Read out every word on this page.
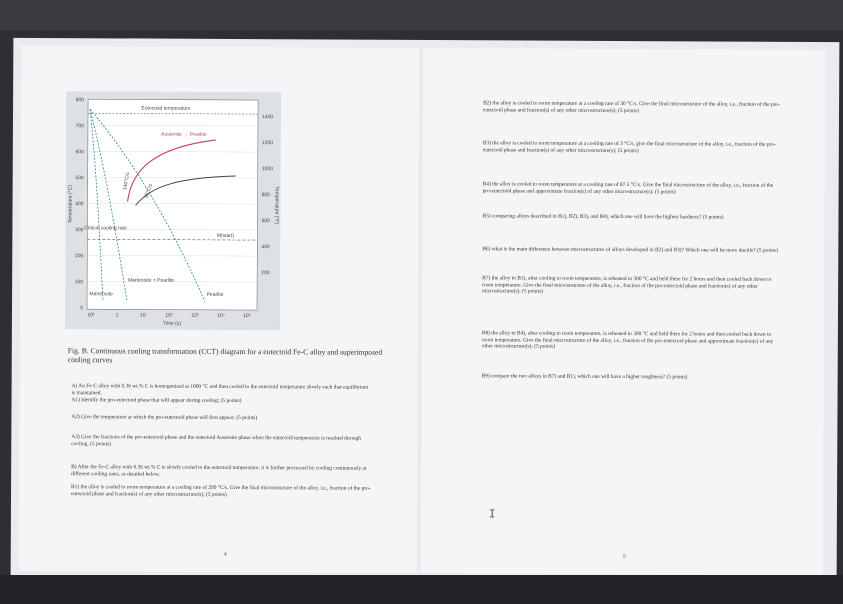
800
700
600
500
400
300
200
100
0
1400
1200
1000
800
600
400
200
10¹	1	10	10²	10³	10⁴	10⁵
Time (s)
Temperature (°C)	Temperature (°F)
Eutectoid temperature
Austenite → Pearlite
Critical cooling rate
M(start)
Martensite
Martensite + Pearlite
Pearlite
140°C/s
35°C/s
Fig. B. Continuous cooling transformation (CCT) diagram for a eutectoid Fe-C alloy and superimposed cooling curves
A) An Fe-C alloy with 0.36 wt.% C is homogenized at 1000 °C and then cooled to the eutectoid temperature slowly such that equilibrium is maintained.
A1) Identify the pro-eutectoid phase that will appear during cooling; (5 points)
A2) Give the temperature at which the pro-eutectoid phase will first appear; (5 points)
A3) Give the fractions of the pro-eutectoid phase and the eutectoid Austenite phase when the eutectoid temperature is reached through cooling. (5 points)
B) After the Fe-C alloy with 0.36 wt.% C is slowly cooled to the eutectoid temperature, it is further processed by cooling continuously at different cooling rates, as detailed below.
B1) the alloy is cooled to room temperature at a cooling rate of 200 °C/s. Give the final microstructure of the alloy, i.e., fraction of the pro-eutectoid phase and fraction(s) of any other microstructure(s); (5 points)
4
B2) the alloy is cooled to room temperature at a cooling rate of 30 °C/s. Give the final microstructure of the alloy, i.e., fraction of the pro-eutectoid phase and fraction(s) of any other microstructure(s); (5 points)
B3) the alloy is cooled to room temperature at a cooling rate of 3 °C/s, give the final microstructure of the alloy, i.e., fraction of the pro-eutectoid phase and fraction(s) of any other microstructure(s); (5 points)
B4) the alloy is cooled to room temperature at a cooling rate of 87.5 °C/s. Give the final microstructure of the alloy, i.e., fraction of the pro-eutectoid phase and approximate fraction(s) of any other microstructure(s); (5 points)
B5) comparing alloys described in B1), B2), B3), and B4), which one will have the highest hardness? (5 points)
B6) what is the main difference between microstructures of alloys developed in B2) and B3)? Which one will be more ductile? (5 points)
B7) the alloy in B1), after cooling to room temperature, is reheated to 300 °C and held there for 2 hours and then cooled back down to room temperature. Give the final microstructure of the alloy, i.e., fraction of the pro-eutectoid phase and fraction(s) of any other microstructure(s); (5 points)
B8) the alloy in B4), after cooling to room temperature, is reheated to 300 °C and held there for 2 hours and then cooled back down to room temperature. Give the final microstructure of the alloy, i.e., fraction of the pro-eutectoid phase and approximate fraction(s) of any other microstructure(s); (5 points)
B9) compare the two alloys in B7) and B1), which one will have a higher toughness? (5 points)
5
I
